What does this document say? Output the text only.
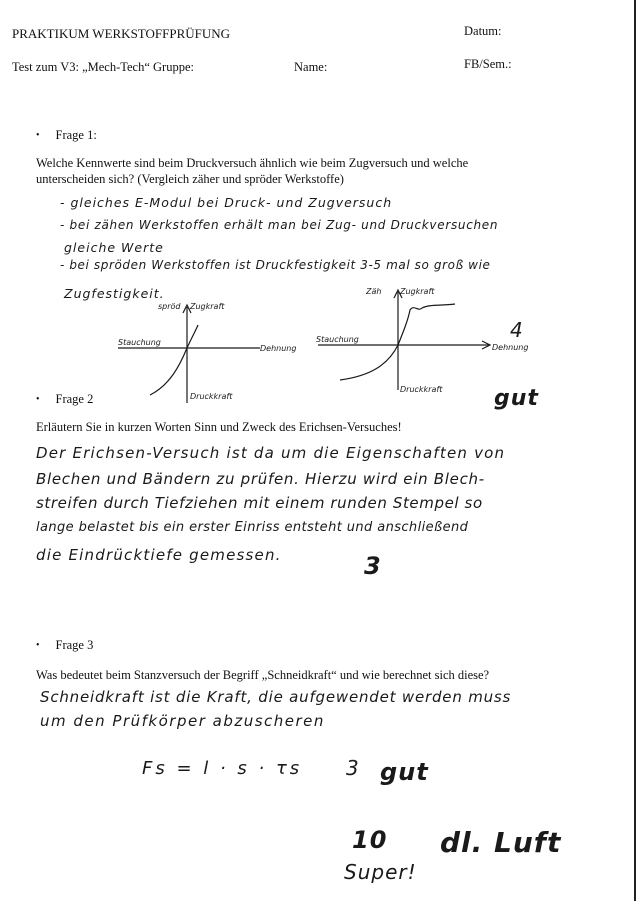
PRAKTIKUM WERKSTOFFPRÜFUNG	Datum:
Test zum V3: „Mech-Tech“ Gruppe:	Name:	FB/Sem.:
• Frage 1:
Welche Kennwerte sind beim Druckversuch ähnlich wie beim Zugversuch und welche
unterscheiden sich? (Vergleich zäher und spröder Werkstoffe)
- gleiches E-Modul bei Druck- und Zugversuch
- bei zähen Werkstoffen erhält man bei Zug- und Druckversuchen
gleiche Werte
- bei spröden Werkstoffen ist Druckfestigkeit 3-5 mal so groß wie
Zugfestigkeit.
spröd Zugkraft
Stauchung
Dehnung
Druckkraft
Zäh Zugkraft
Stauchung
Dehnung
Druckkraft
4
• Frage 2	gut
Erläutern Sie in kurzen Worten Sinn und Zweck des Erichsen-Versuches!
Der Erichsen-Versuch ist da um die Eigenschaften von
Blechen und Bändern zu prüfen. Hierzu wird ein Blech-
streifen durch Tiefziehen mit einem runden Stempel so
lange belastet bis ein erster Einriss entsteht und anschließend
die Eindrücktiefe gemessen.	3
• Frage 3
Was bedeutet beim Stanzversuch der Begriff „Schneidkraft“ und wie berechnet sich diese?
Schneidkraft ist die Kraft, die aufgewendet werden muss
um den Prüfkörper abzuscheren
Fs = l · s · τs 3 gut
10
Super!
dl. Luft
